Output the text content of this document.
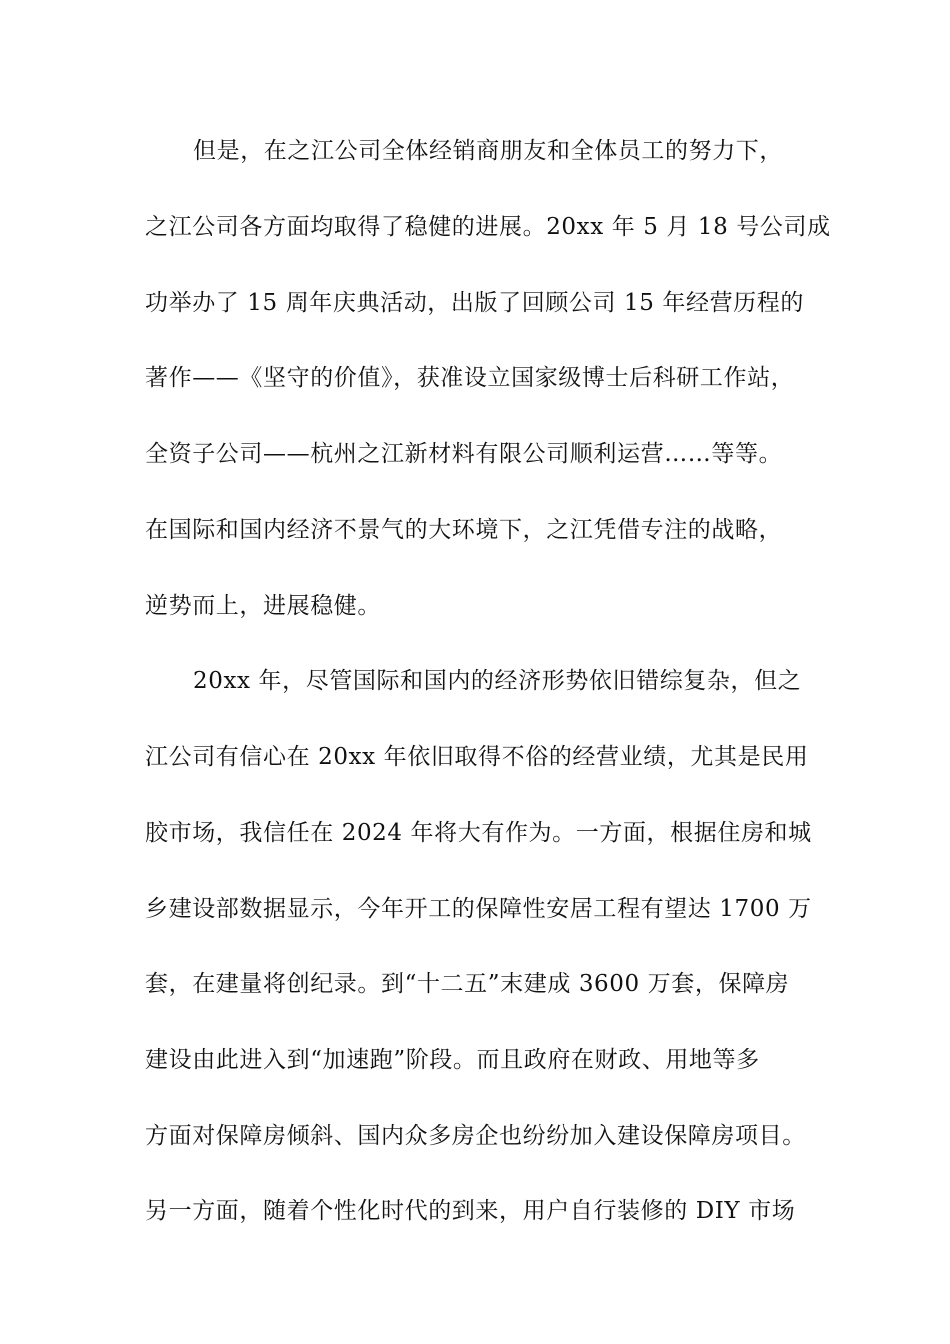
但是，在之江公司全体经销商朋友和全体员工的努力下，
之江公司各方面均取得了稳健的进展。20xx 年 5 月 18 号公司成
功举办了 15 周年庆典活动，出版了回顾公司 15 年经营历程的
著作——《坚守的价值》，获准设立国家级博士后科研工作站，
全资子公司——杭州之江新材料有限公司顺利运营……等等。
在国际和国内经济不景气的大环境下，之江凭借专注的战略，
逆势而上，进展稳健。
20xx 年，尽管国际和国内的经济形势依旧错综复杂，但之
江公司有信心在 20xx 年依旧取得不俗的经营业绩，尤其是民用
胶市场，我信任在 2024 年将大有作为。一方面，根据住房和城
乡建设部数据显示，今年开工的保障性安居工程有望达 1700 万
套，在建量将创纪录。到“十二五”末建成 3600 万套，保障房
建设由此进入到“加速跑”阶段。而且政府在财政、用地等多
方面对保障房倾斜、国内众多房企也纷纷加入建设保障房项目。
另一方面，随着个性化时代的到来，用户自行装修的 DIY 市场
